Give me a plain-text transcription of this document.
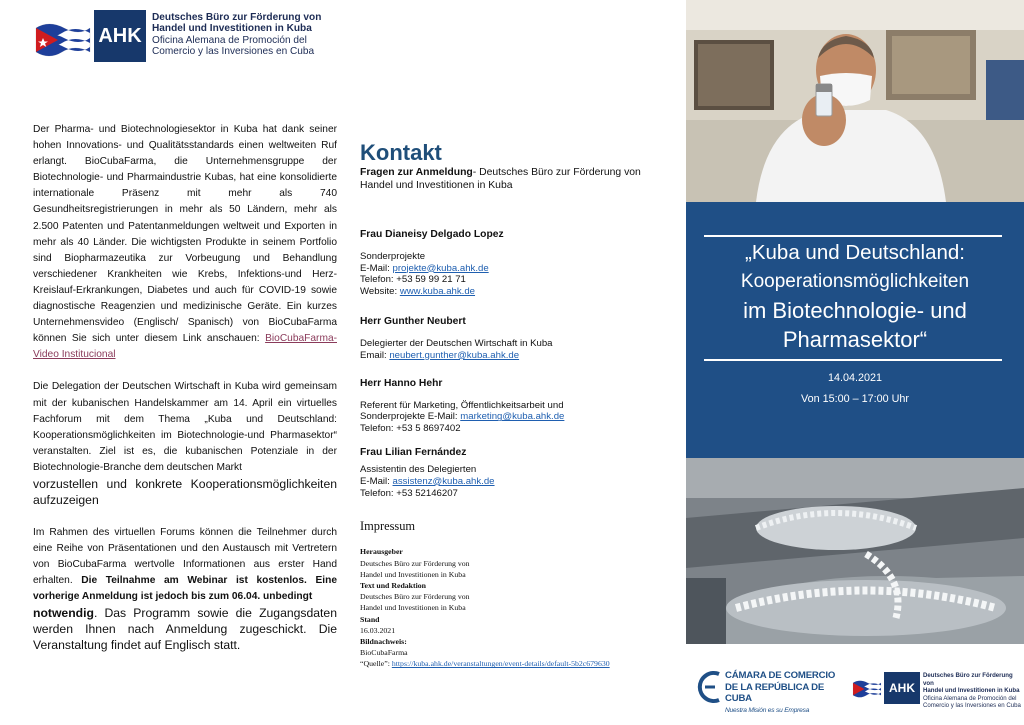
AHK
Deutsches Büro zur Förderung von
Handel und Investitionen in Kuba
Oficina Alemana de Promoción del
Comercio y las Inversiones en Cuba

Der Pharma- und Biotechnologiesektor in Kuba hat dank seiner hohen Innovations- und Qualitätsstandards einen weltweiten Ruf erlangt. BioCubaFarma, die Unternehmensgruppe der Biotechnologie- und Pharmaindustrie Kubas, hat eine konsolidierte internationale Präsenz mit mehr als 740 Gesundheitsregistrierungen in mehr als 50 Ländern, mehr als 2.500 Patenten und Patentanmeldungen weltweit und Exporten in mehr als 40 Länder. Die wichtigsten Produkte in seinem Portfolio sind Biopharmazeutika zur Vorbeugung und Behandlung verschiedener Krankheiten wie Krebs, Infektions-und Herz-Kreislauf-Erkrankungen, Diabetes und auch für COVID-19 sowie diagnostische Reagenzien und medizinische Geräte. Ein kurzes Unternehmensvideo (Englisch/ Spanisch) von BioCubaFarma können Sie sich unter diesem Link anschauen: BioCubaFarma-Video Institucional

Die Delegation der Deutschen Wirtschaft in Kuba wird gemeinsam mit der kubanischen Handelskammer am 14. April ein virtuelles Fachforum mit dem Thema „Kuba und Deutschland: Kooperationsmöglichkeiten im Biotechnologie-und Pharmasektor“ veranstalten. Ziel ist es, die kubanischen Potenziale in der Biotechnologie-Branche dem deutschen Markt

vorzustellen und konkrete Kooperationsmöglichkeiten

aufzuzeigen

Im Rahmen des virtuellen Forums können die Teilnehmer durch eine Reihe von Präsentationen und den Austausch mit Vertretern von BioCubaFarma wertvolle Informationen aus erster Hand erhalten. Die Teilnahme am Webinar ist kostenlos. Eine vorherige Anmeldung ist jedoch bis zum 06.04. unbedingt

notwendig. Das Programm sowie die Zugangsdaten werden Ihnen nach Anmeldung zugeschickt. Die Veranstaltung findet auf Englisch statt.

Kontakt

Fragen zur Anmeldung- Deutsches Büro zur Förderung von Handel und Investitionen in Kuba

Frau Dianeisy Delgado Lopez

Sonderprojekte

E-Mail: projekte@kuba.ahk.de

Telefon: +53 59 99 21 71

Website: www.kuba.ahk.de

Herr Gunther Neubert

Delegierter der Deutschen Wirtschaft in Kuba

Email: neubert.gunther@kuba.ahk.de

Herr Hanno Hehr

Referent für Marketing, Öffentlichkeitsarbeit und

Sonderprojekte E-Mail: marketing@kuba.ahk.de

Telefon: +53 5 8697402

Frau Lilian Fernández

Assistentin des Delegierten

E-Mail: assistenz@kuba.ahk.de

Telefon: +53 52146207

Impressum
Herausgeber
Deutsches Büro zur Förderung von
Handel und Investitionen in Kuba
Text und Redaktion
Deutsches Büro zur Förderung von
Handel und Investitionen in Kuba
Stand
16.03.2021
Bildnachweis:
BioCubaFarma
“Quelle”: https://kuba.ahk.de/veranstaltungen/event-details/default-5b2c679630
„Kuba und Deutschland:
Kooperationsmöglichkeiten
im Biotechnologie- und
Pharmasektor“
14.04.2021
Von 15:00 – 17:00 Uhr
CÁMARA DE COMERCIO
DE LA REPÚBLICA DE CUBA
Nuestra Misión es su Empresa
AHK
Deutsches Büro zur Förderung von
Handel und Investitionen in Kuba
Oficina Alemana de Promoción del
Comercio y las Inversiones en Cuba
